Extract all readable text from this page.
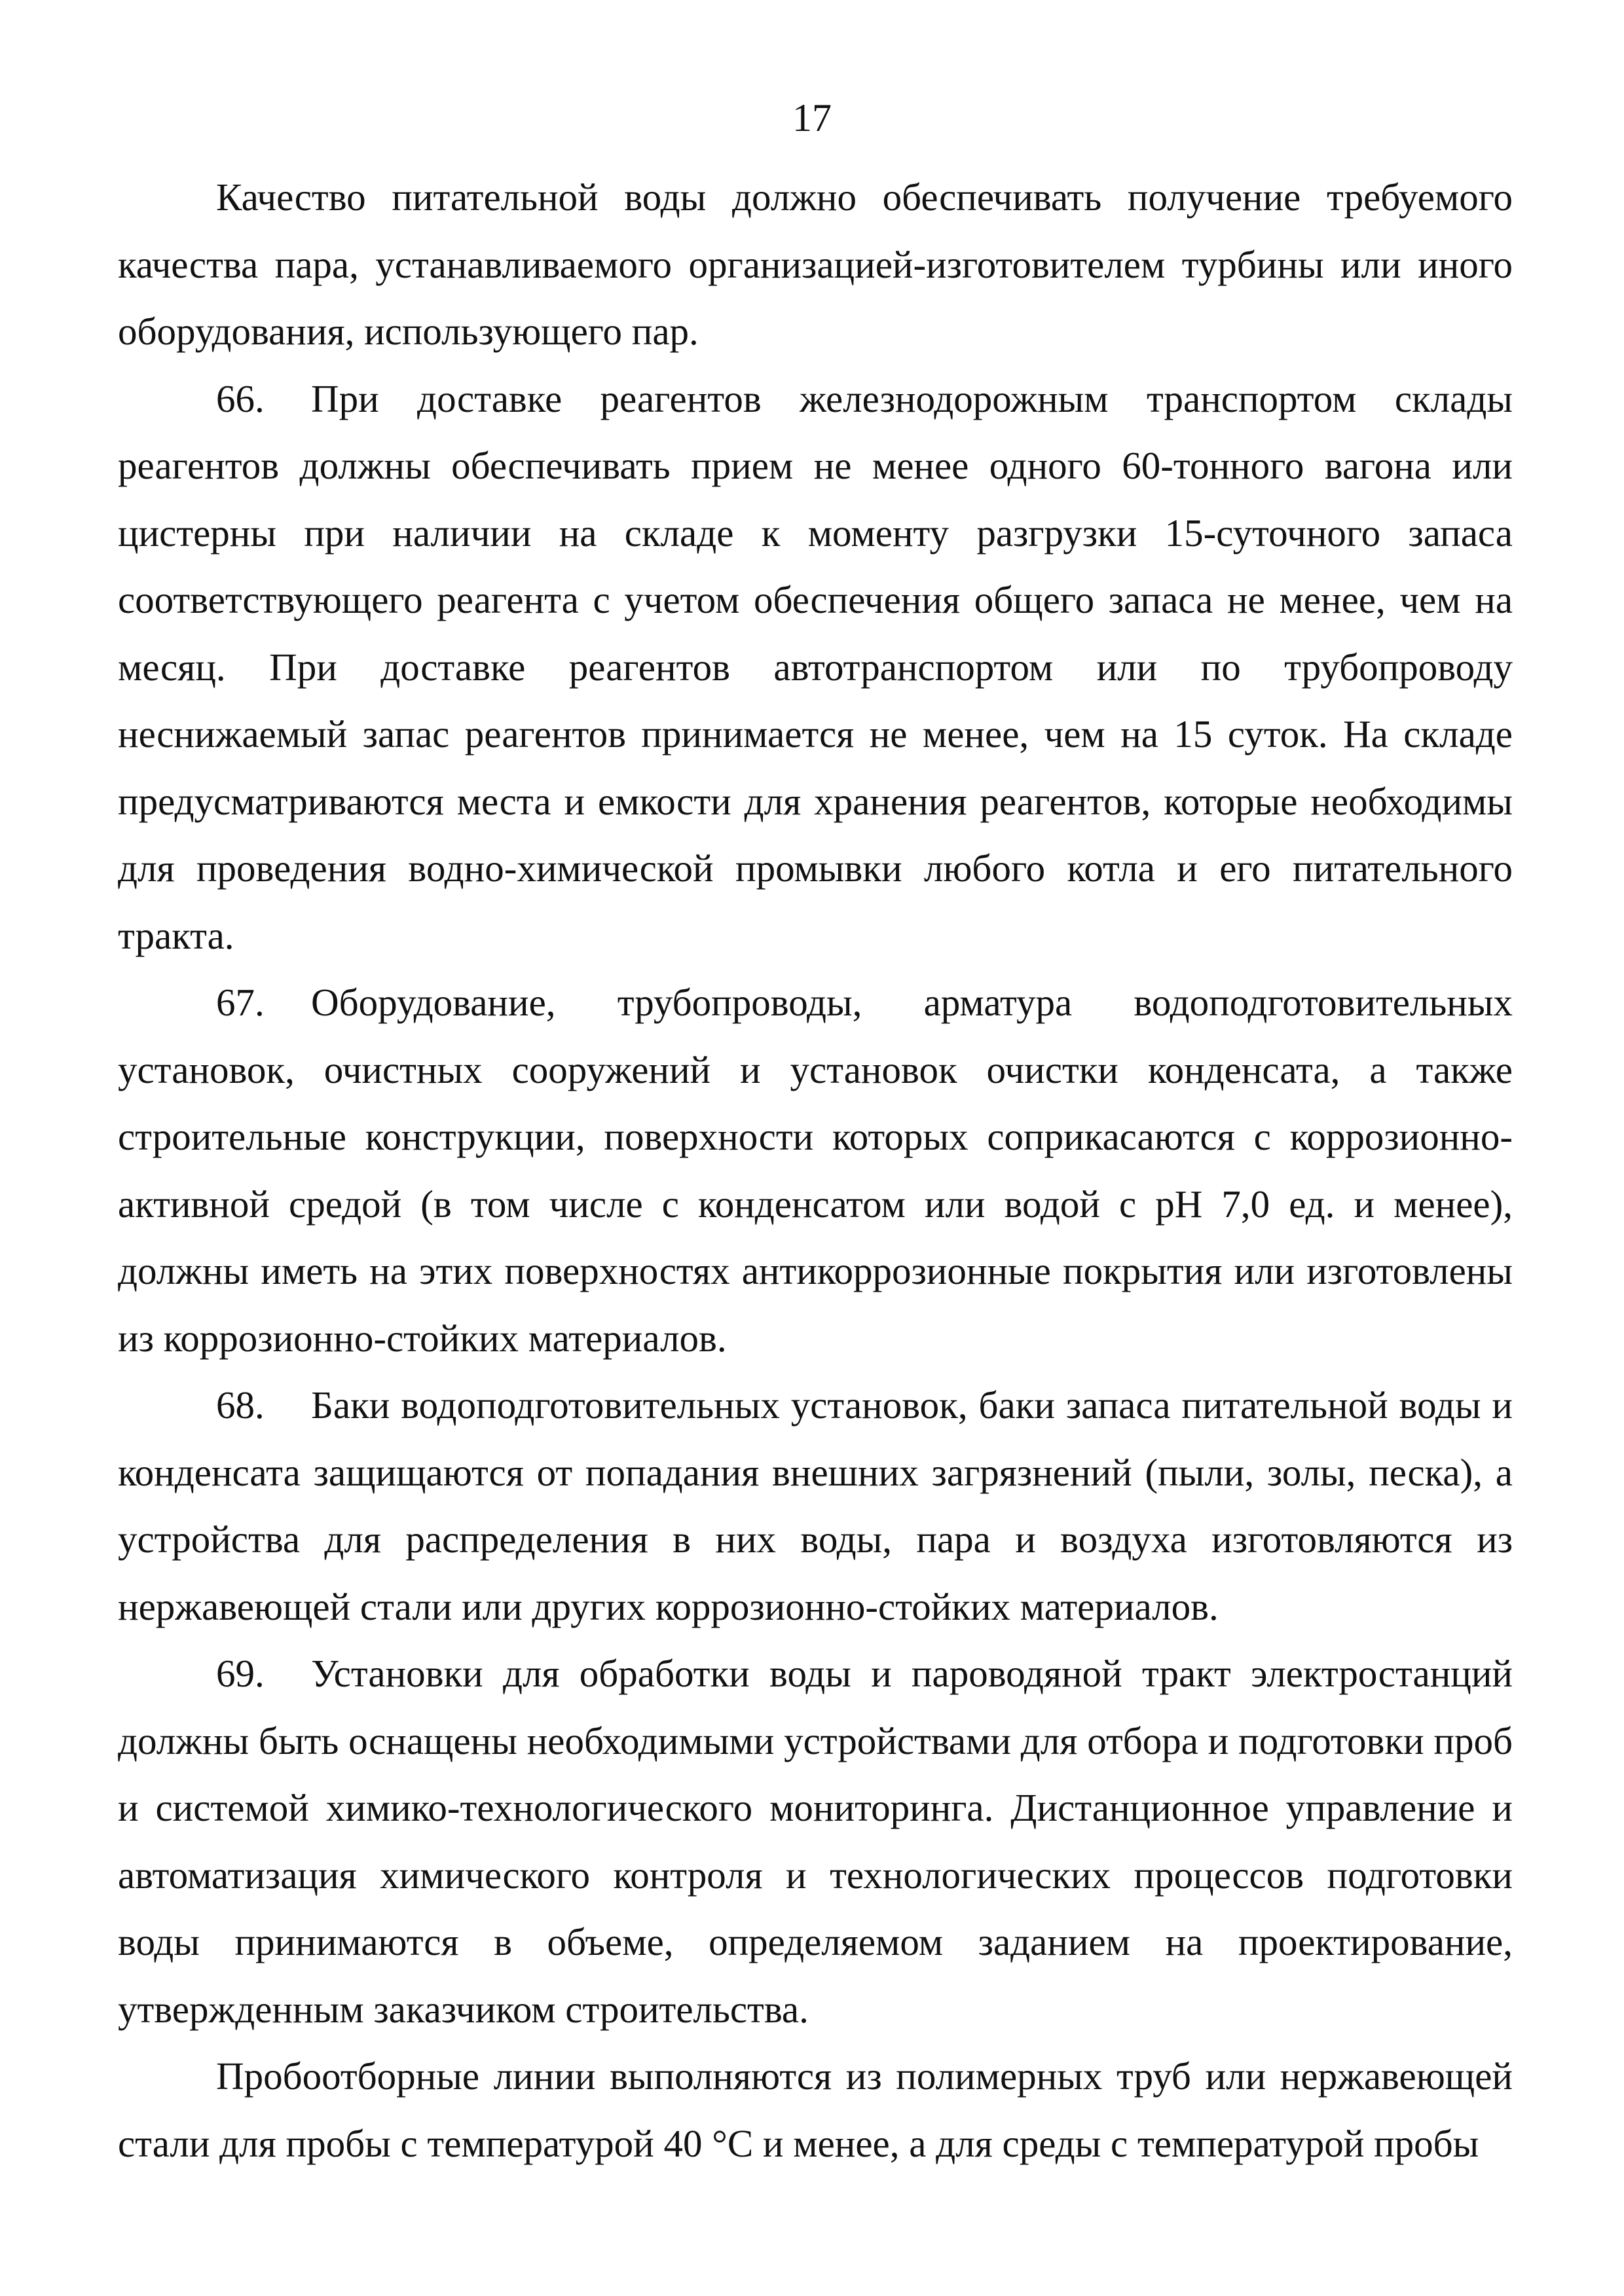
17

Качество питательной воды должно обеспечивать получение требуемого качества пара, устанавливаемого организацией-изготовителем турбины или иного оборудования, использующего пар.

66. При доставке реагентов железнодорожным транспортом склады реагентов должны обеспечивать прием не менее одного 60-тонного вагона или цистерны при наличии на складе к моменту разгрузки 15-суточного запаса соответствующего реагента с учетом обеспечения общего запаса не менее, чем на месяц. При доставке реагентов автотранспортом или по трубопроводу неснижаемый запас реагентов принимается не менее, чем на 15 суток. На складе предусматриваются места и емкости для хранения реагентов, которые необходимы для проведения водно-химической промывки любого котла и его питательного тракта.

67. Оборудование, трубопроводы, арматура водоподготовительных установок, очистных сооружений и установок очистки конденсата, а также строительные конструкции, поверхности которых соприкасаются с коррозионно-активной средой (в том числе с конденсатом или водой с pH 7,0 ед. и менее), должны иметь на этих поверхностях антикоррозионные покрытия или изготовлены из коррозионно-стойких материалов.

68. Баки водоподготовительных установок, баки запаса питательной воды и конденсата защищаются от попадания внешних загрязнений (пыли, золы, песка), а устройства для распределения в них воды, пара и воздуха изготовляются из нержавеющей стали или других коррозионно-стойких материалов.

69. Установки для обработки воды и пароводяной тракт электростанций должны быть оснащены необходимыми устройствами для отбора и подготовки проб и системой химико-технологического мониторинга. Дистанционное управление и автоматизация химического контроля и технологических процессов подготовки воды принимаются в объеме, определяемом заданием на проектирование, утвержденным заказчиком строительства.

Пробоотборные линии выполняются из полимерных труб или нержавеющей стали для пробы с температурой 40 °С и менее, а для среды с температурой пробы
